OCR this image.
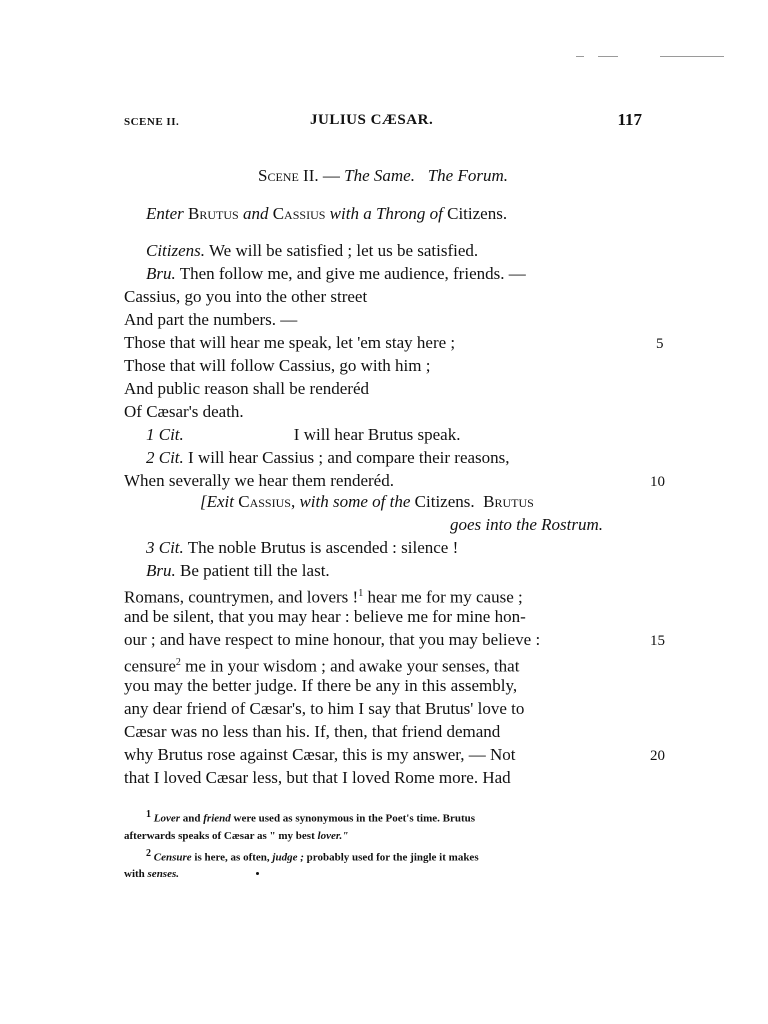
SCENE II.	JULIUS CÆSAR.	117
Scene II. — The Same. The Forum.
Enter Brutus and Cassius with a Throng of Citizens.
Citizens. We will be satisfied ; let us be satisfied.
Bru. Then follow me, and give me audience, friends. —
Cassius, go you into the other street
And part the numbers. —
Those that will hear me speak, let 'em stay here ;	5
Those that will follow Cassius, go with him ;
And public reason shall be renderéd
Of Cæsar's death.
1 Cit.	I will hear Brutus speak.
2 Cit. I will hear Cassius ; and compare their reasons,
When severally we hear them renderéd.	10
[Exit Cassius, with some of the Citizens. Brutus
goes into the Rostrum.
3 Cit. The noble Brutus is ascended : silence !
Bru. Be patient till the last.
Romans, countrymen, and lovers !$^1$ hear me for my cause ;
and be silent, that you may hear : believe me for mine hon-
our ; and have respect to mine honour, that you may believe :	15
censure$^2$ me in your wisdom ; and awake your senses, that
you may the better judge. If there be any in this assembly,
any dear friend of Cæsar's, to him I say that Brutus' love to
Cæsar was no less than his. If, then, that friend demand
why Brutus rose against Cæsar, this is my answer, — Not	20
that I loved Cæsar less, but that I loved Rome more. Had
$^1$ Lover and friend were used as synonymous in the Poet's time. Brutus
afterwards speaks of Cæsar as " my best lover."
$^2$ Censure is here, as often, judge ; probably used for the jingle it makes
with senses.
